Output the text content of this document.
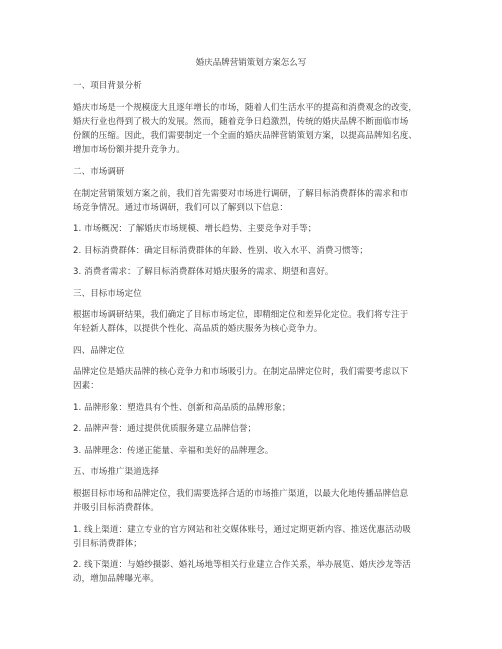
婚庆品牌营销策划方案怎么写
一、项目背景分析
婚庆市场是一个规模庞大且逐年增长的市场，随着人们生活水平的提高和消费观念的改变，
婚庆行业也得到了极大的发展。然而，随着竞争日趋激烈，传统的婚庆品牌不断面临市场
份额的压缩。因此，我们需要制定一个全面的婚庆品牌营销策划方案，以提高品牌知名度、
增加市场份额并提升竞争力。
二、市场调研
在制定营销策划方案之前，我们首先需要对市场进行调研，了解目标消费群体的需求和市
场竞争情况。通过市场调研，我们可以了解到以下信息：
1. 市场概况：了解婚庆市场规模、增长趋势、主要竞争对手等；
2. 目标消费群体：确定目标消费群体的年龄、性别、收入水平、消费习惯等；
3. 消费者需求：了解目标消费群体对婚庆服务的需求、期望和喜好。
三、目标市场定位
根据市场调研结果，我们确定了目标市场定位，即精细定位和差异化定位。我们将专注于
年轻新人群体，以提供个性化、高品质的婚庆服务为核心竞争力。
四、品牌定位
品牌定位是婚庆品牌的核心竞争力和市场吸引力。在制定品牌定位时，我们需要考虑以下
因素：
1. 品牌形象：塑造具有个性、创新和高品质的品牌形象；
2. 品牌声誉：通过提供优质服务建立品牌信誉；
3. 品牌理念：传递正能量、幸福和美好的品牌理念。
五、市场推广渠道选择
根据目标市场和品牌定位，我们需要选择合适的市场推广渠道，以最大化地传播品牌信息
并吸引目标消费群体。
1. 线上渠道：建立专业的官方网站和社交媒体账号，通过定期更新内容、推送优惠活动吸
引目标消费群体；
2. 线下渠道：与婚纱摄影、婚礼场地等相关行业建立合作关系，举办展览、婚庆沙龙等活
动，增加品牌曝光率。
